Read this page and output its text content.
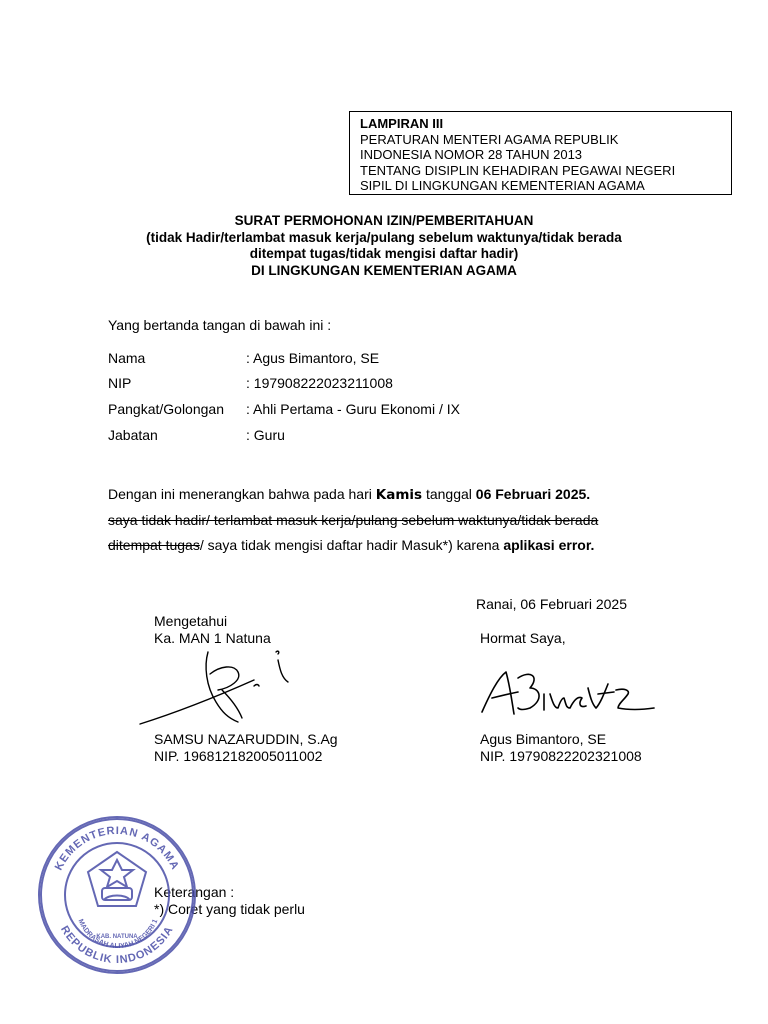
LAMPIRAN III
PERATURAN MENTERI AGAMA REPUBLIK
INDONESIA NOMOR 28 TAHUN 2013
TENTANG DISIPLIN KEHADIRAN PEGAWAI NEGERI
SIPIL DI LINGKUNGAN KEMENTERIAN AGAMA
SURAT PERMOHONAN IZIN/PEMBERITAHUAN
(tidak Hadir/terlambat masuk kerja/pulang sebelum waktunya/tidak berada
ditempat tugas/tidak mengisi daftar hadir)
DI LINGKUNGAN KEMENTERIAN AGAMA
Yang bertanda tangan di bawah ini :
Nama	: Agus Bimantoro, SE
NIP	: 197908222023211008
Pangkat/Golongan : Ahli Pertama - Guru Ekonomi / IX
Jabatan	: Guru
Dengan ini menerangkan bahwa pada hari Kamis tanggal 06 Februari 2025.
saya tidak hadir/ terlambat masuk kerja/pulang sebelum waktunya/tidak berada
ditempat tugas/ saya tidak mengisi daftar hadir Masuk*) karena aplikasi error.
Ranai, 06 Februari 2025
Mengetahui
Ka. MAN 1 Natuna
SAMSU NAZARUDDIN, S.Ag
NIP. 196812182005011002
Hormat Saya,
Agus Bimantoro, SE
NIP. 19790822202321008
Keterangan :
*) Coret yang tidak perlu
KEMENTERIAN AGAMA
REPUBLIK INDONESIA
MADRASAH ALIYAH NEGERI 1
KAB. NATUNA
